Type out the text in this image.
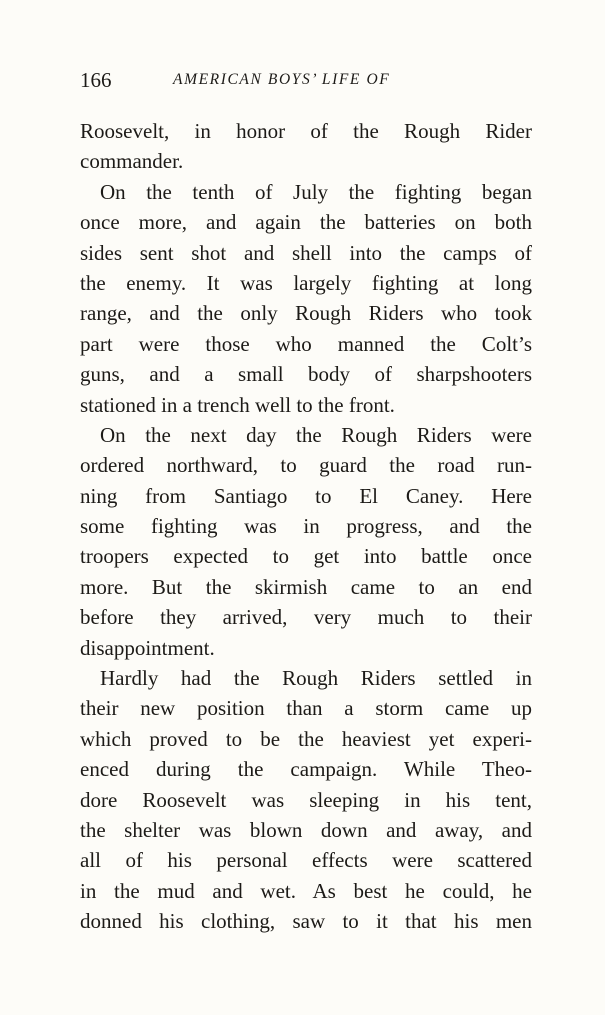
166	AMERICAN BOYS’ LIFE OF
Roosevelt, in honor of the Rough Rider
commander.
On the tenth of July the fighting began
once more, and again the batteries on both
sides sent shot and shell into the camps of
the enemy. It was largely fighting at long
range, and the only Rough Riders who took
part were those who manned the Colt’s
guns, and a small body of sharpshooters
stationed in a trench well to the front.
On the next day the Rough Riders were
ordered northward, to guard the road run-
ning from Santiago to El Caney. Here
some fighting was in progress, and the
troopers expected to get into battle once
more. But the skirmish came to an end
before they arrived, very much to their
disappointment.
Hardly had the Rough Riders settled in
their new position than a storm came up
which proved to be the heaviest yet experi-
enced during the campaign. While Theo-
dore Roosevelt was sleeping in his tent,
the shelter was blown down and away, and
all of his personal effects were scattered
in the mud and wet. As best he could, he
donned his clothing, saw to it that his men
